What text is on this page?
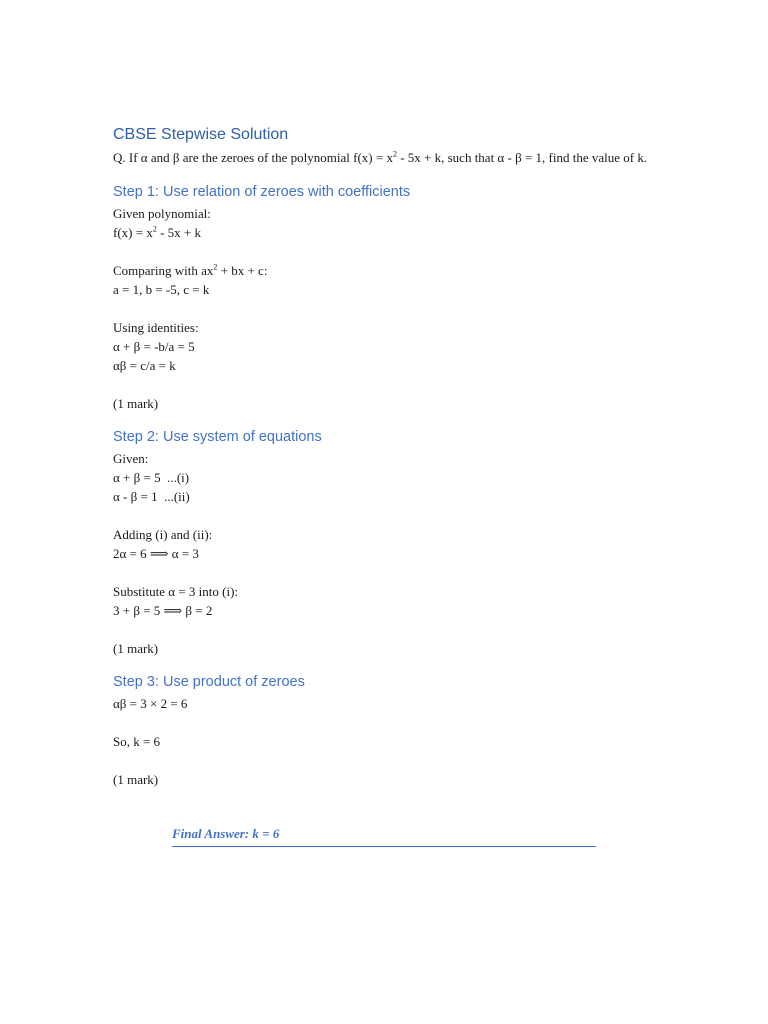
CBSE Stepwise Solution
Q. If α and β are the zeroes of the polynomial $f(x) = x^2 - 5x + k$, such that α - β = 1, find the value of k.
Step 1: Use relation of zeroes with coefficients
Given polynomial:
$f(x) = x^2 - 5x + k$
Comparing with $ax^2$ + bx + c:
a = 1, b = -5, c = k
Using identities:
α + β = -b/a = 5
αβ = c/a = k
(1 mark)
Step 2: Use system of equations
Given:
α + β = 5  ...(i)
α - β = 1  ...(ii)
Adding (i) and (ii):
2α = 6 ⟹ α = 3
Substitute α = 3 into (i):
3 + β = 5 ⟹ β = 2
(1 mark)
Step 3: Use product of zeroes
αβ = 3 × 2 = 6
So, k = 6
(1 mark)
Final Answer: k = 6
